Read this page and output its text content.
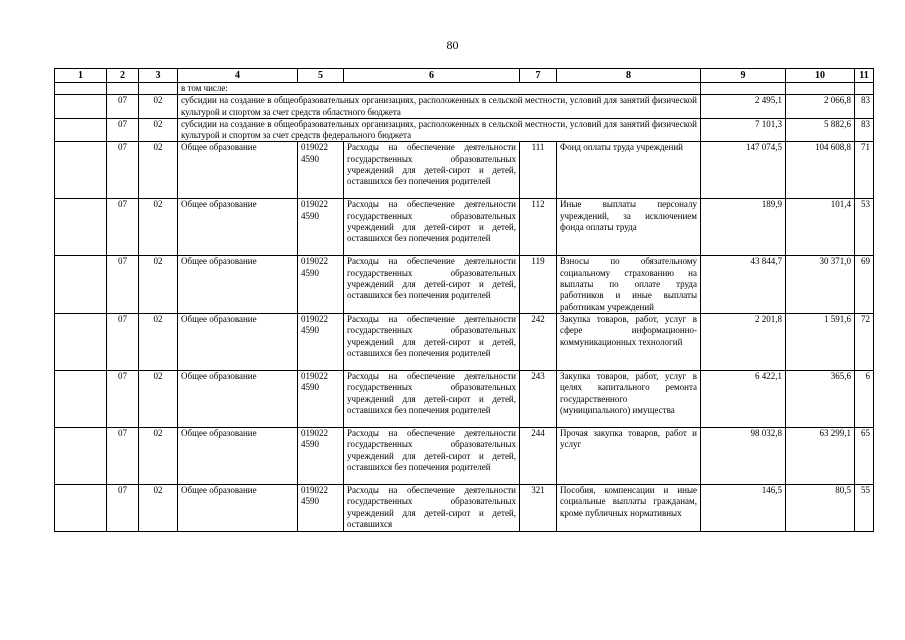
80
1	2	3	4	5	6	7	8	9	10	11
			в том числе:							
	07	02	субсидии на создание в общеобразовательных организациях, расположенных в сельской местности, условий для занятий физической культурой и спортом за счет средств областного бюджета					2 495,1	2 066,8	83
	07	02	субсидии на создание в общеобразовательных организациях, расположенных в сельской местности, условий для занятий физической культурой и спортом за счет средств федерального бюджета					7 101,3	5 882,6	83
	07	02	Общее образование	019022 4590	Расходы на обеспечение деятельности государственных образовательных учреждений для детей-сирот и детей, оставшихся без попечения родителей	111	Фонд оплаты труда учреждений	147 074,5	104 608,8	71
	07	02	Общее образование	019022 4590	Расходы на обеспечение деятельности государственных образовательных учреждений для детей-сирот и детей, оставшихся без попечения родителей	112	Иные выплаты персоналу учреждений, за исключением фонда оплаты труда	189,9	101,4	53
	07	02	Общее образование	019022 4590	Расходы на обеспечение деятельности государственных образовательных учреждений для детей-сирот и детей, оставшихся без попечения родителей	119	Взносы по обязательному социальному страхованию на выплаты по оплате труда работников и иные выплаты работникам учреждений	43 844,7	30 371,0	69
	07	02	Общее образование	019022 4590	Расходы на обеспечение деятельности государственных образовательных учреждений для детей-сирот и детей, оставшихся без попечения родителей	242	Закупка товаров, работ, услуг в сфере информационно-коммуникационных технологий	2 201,8	1 591,6	72
	07	02	Общее образование	019022 4590	Расходы на обеспечение деятельности государственных образовательных учреждений для детей-сирот и детей, оставшихся без попечения родителей	243	Закупка товаров, работ, услуг в целях капитального ремонта государственного (муниципального) имущества	6 422,1	365,6	6
	07	02	Общее образование	019022 4590	Расходы на обеспечение деятельности государственных образовательных учреждений для детей-сирот и детей, оставшихся без попечения родителей	244	Прочая закупка товаров, работ и услуг	98 032,8	63 299,1	65
	07	02	Общее образование	019022 4590	Расходы на обеспечение деятельности государственных образовательных учреждений для детей-сирот и детей, оставшихся	321	Пособия, компенсации и иные социальные выплаты гражданам, кроме публичных нормативных	146,5	80,5	55
